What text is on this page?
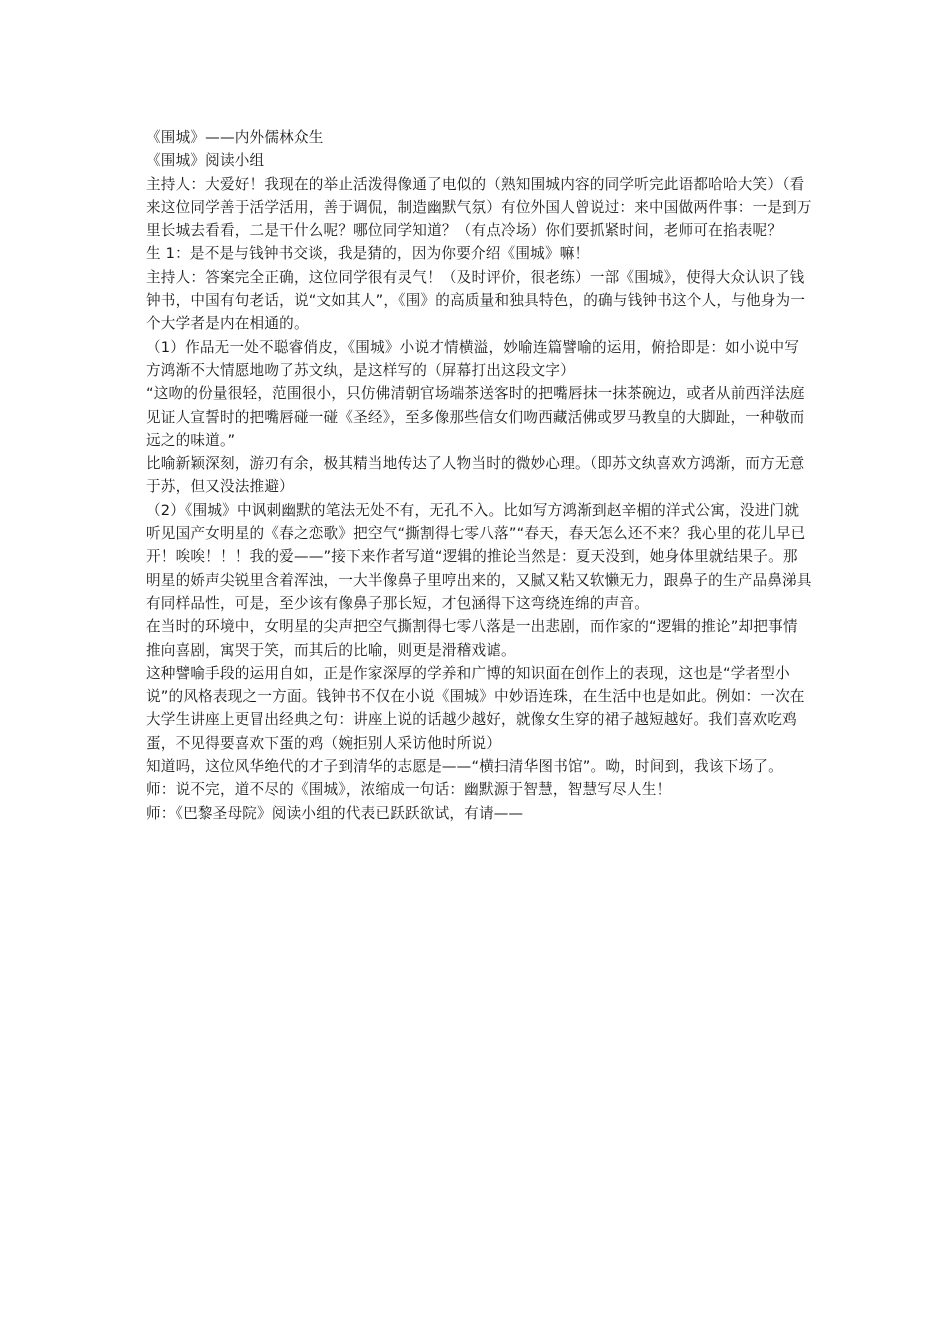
《围城》——内外儒林众生

《围城》阅读小组

主持人：大爱好！我现在的举止活泼得像通了电似的（熟知围城内容的同学听完此语都哈哈大笑）（看来这位同学善于活学活用，善于调侃，制造幽默气氛）有位外国人曾说过：来中国做两件事：一是到万里长城去看看，二是干什么呢？哪位同学知道？（有点冷场）你们要抓紧时间，老师可在掐表呢？

生 1：是不是与钱钟书交谈，我是猜的，因为你要介绍《围城》嘛！

主持人：答案完全正确，这位同学很有灵气！（及时评价，很老练）一部《围城》，使得大众认识了钱钟书，中国有句老话，说“文如其人”，《围》的高质量和独具特色，的确与钱钟书这个人，与他身为一个大学者是内在相通的。

（1）作品无一处不聪睿俏皮，《围城》小说才情横溢，妙喻连篇譬喻的运用，俯拾即是：如小说中写方鸿渐不大情愿地吻了苏文纨，是这样写的（屏幕打出这段文字）

“这吻的份量很轻，范围很小，只仿佛清朝官场端茶送客时的把嘴唇抹一抹茶碗边，或者从前西洋法庭见证人宣誓时的把嘴唇碰一碰《圣经》，至多像那些信女们吻西藏活佛或罗马教皇的大脚趾，一种敬而远之的味道。”

比喻新颖深刻，游刃有余，极其精当地传达了人物当时的微妙心理。（即苏文纨喜欢方鸿渐，而方无意于苏，但又没法推避）

（2）《围城》中讽刺幽默的笔法无处不有，无孔不入。比如写方鸿渐到赵辛楣的洋式公寓，没进门就听见国产女明星的《春之恋歌》把空气“撕割得七零八落”“春天，春天怎么还不来？我心里的花儿早已开！唉唉！！！我的爱——”接下来作者写道“逻辑的推论当然是：夏天没到，她身体里就结果子。那明星的娇声尖锐里含着浑浊，一大半像鼻子里哼出来的，又腻又粘又软懒无力，跟鼻子的生产品鼻涕具有同样品性，可是，至少该有像鼻子那长短，才包涵得下这弯绕连绵的声音。

在当时的环境中，女明星的尖声把空气撕割得七零八落是一出悲剧，而作家的“逻辑的推论”却把事情推向喜剧，寓哭于笑，而其后的比喻，则更是滑稽戏谑。

这种譬喻手段的运用自如，正是作家深厚的学养和广博的知识面在创作上的表现，这也是“学者型小说”的风格表现之一方面。钱钟书不仅在小说《围城》中妙语连珠，在生活中也是如此。例如：一次在大学生讲座上更冒出经典之句：讲座上说的话越少越好，就像女生穿的裙子越短越好。我们喜欢吃鸡蛋，不见得要喜欢下蛋的鸡（婉拒别人采访他时所说）

知道吗，这位风华绝代的才子到清华的志愿是——“横扫清华图书馆”。呦，时间到，我该下场了。

师：说不完，道不尽的《围城》，浓缩成一句话：幽默源于智慧，智慧写尽人生！

师：《巴黎圣母院》阅读小组的代表已跃跃欲试，有请——
